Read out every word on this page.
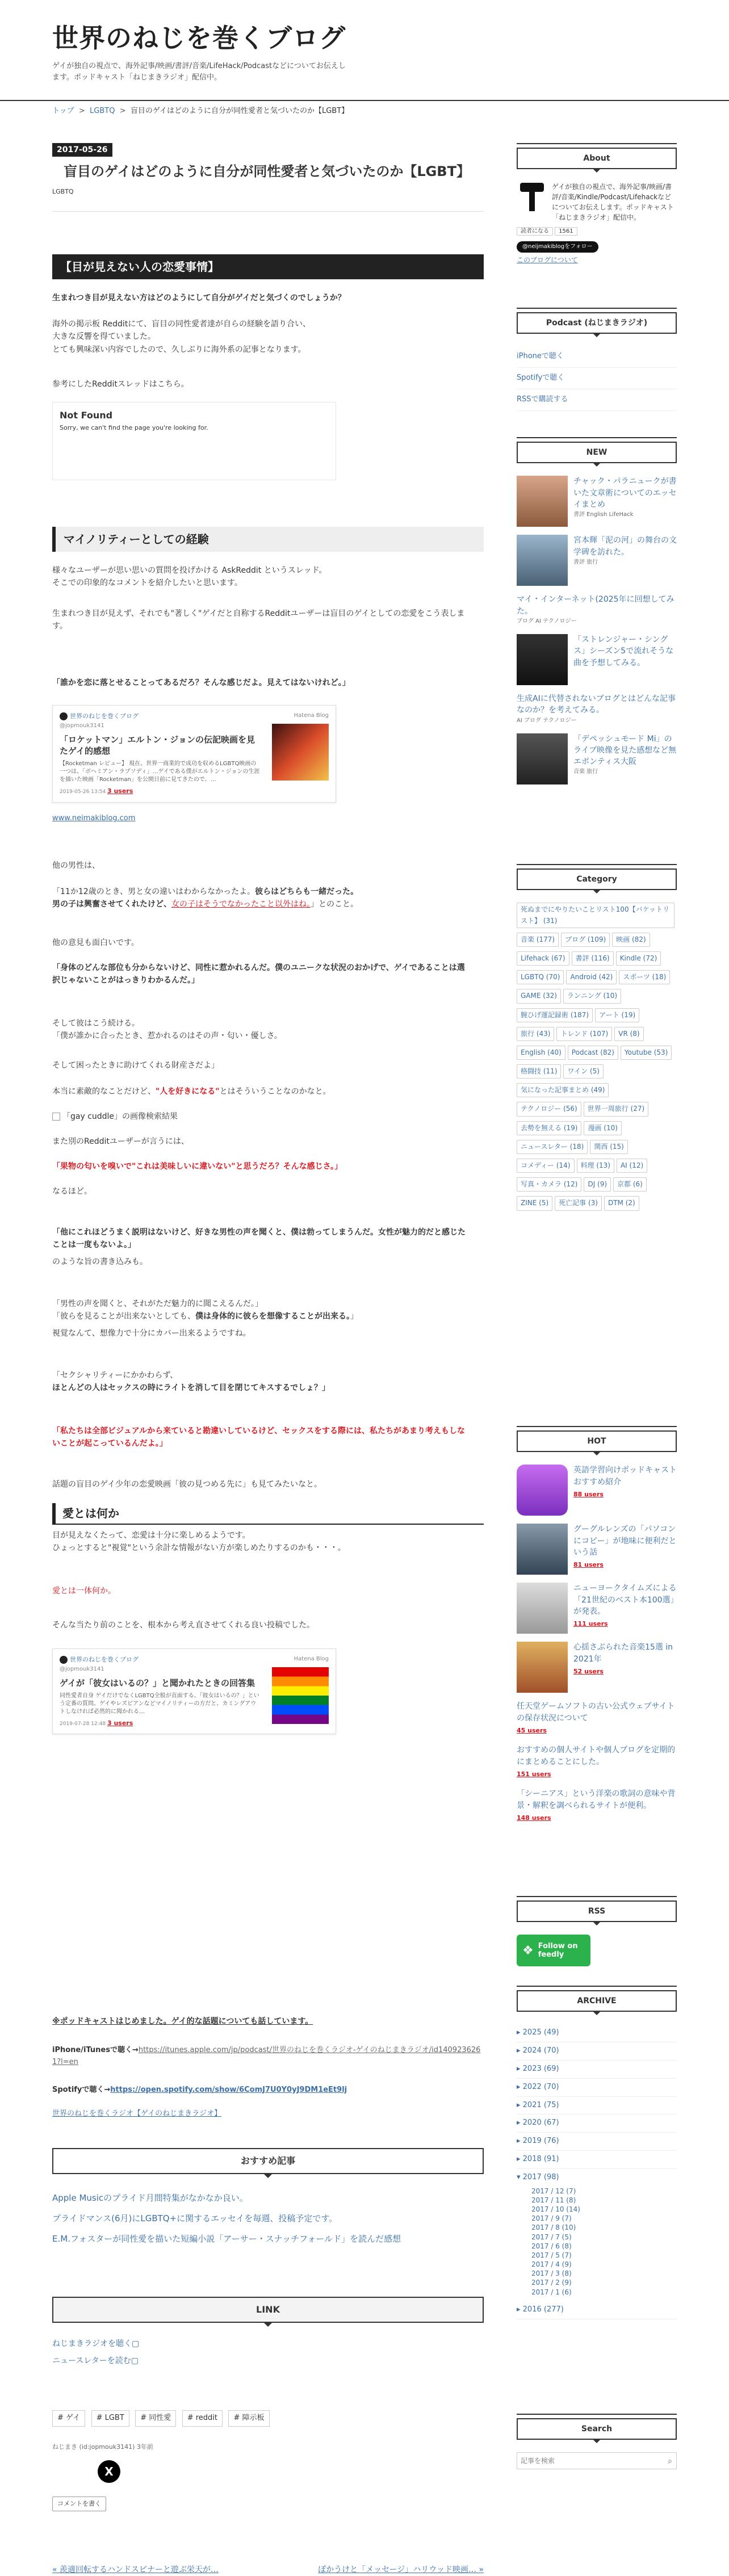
世界のねじを巻くブログ
ゲイが独自の視点で、海外記事/映画/書評/音楽/LifeHack/Podcastなどについてお伝えします。ポッドキャスト「ねじまきラジオ」配信中。
トップ  >  LGBTQ  >  盲目のゲイはどのように自分が同性愛者と気づいたのか【LGBT】
2017-05-26
盲目のゲイはどのように自分が同性愛者と気づいたのか【LGBT】
LGBTQ
【目が見えない人の恋愛事情】

生まれつき目が見えない方はどのようにして自分がゲイだと気づくのでしょうか？

海外の掲示板 Redditにて、盲目の同性愛者達が自らの経験を語り合い、
大きな反響を得ていました。
とても興味深い内容でしたので、久しぶりに海外系の記事となります。

参考にしたRedditスレッドはこちら。

Not Found
Sorry, we can't find the page you're looking for.
マイノリティーとしての経験
様々なユーザーが思い思いの質問を投げかける AskReddit というスレッド。
そこでの印象的なコメントを紹介したいと思います。

生まれつき目が見えず、それでも"著しく"ゲイだと自称するRedditユーザーは盲目のゲイとしての恋愛をこう表します。

「誰かを恋に落とせることってあるだろ？そんな感じだよ。見えてはないけれど。」

世界のねじを巻くブログ
@jopmouk3141
「ロケットマン」エルトン・ジョンの伝記映画を見たゲイ的感想
【Rocketman レビュー】 現在、世界一商業的で成功を収めるLGBTQ映画の一つは、「ボヘミアン・ラプソディ」...ゲイである僕がエルトン・ジョンの生涯を描いた映画「Rocketman」を公開日前に見てきたので、…
2019-05-26 13:54 3 users
Hatena Blog
www.neimakiblog.com

他の男性は、

「11か12歳のとき、男と女の違いはわからなかったよ。彼らはどちらも一緒だった。
男の子は興奮させてくれたけど、女の子はそうでなかったこと以外はね。」とのこと。

他の意見も面白いです。

「身体のどんな部位も分からないけど、同性に惹かれるんだ。僕のユニークな状況のおかげで、ゲイであることは選択じゃないことがはっきりわかるんだ。」

そして彼はこう続ける。
「僕が誰かに合ったとき、惹かれるのはその声・匂い・優しさ。

そして困ったときに助けてくれる財産さだよ」

本当に素敵的なことだけど、"人を好きになる"とはそういうことなのかなと。

「gay cuddle」の画像検索結果

また別のRedditユーザーが言うには、

「果物の匂いを嗅いで"これは美味しいに違いない"と思うだろ？そんな感じさ。」

なるほど。

「他にこれほどうまく説明はないけど、好きな男性の声を聞くと、僕は勃ってしまうんだ。女性が魅力的だと感じたことは一度もないよ。」

のような旨の書き込みも。

「男性の声を聞くと、それがただ魅力的に聞こえるんだ。」
「彼らを見ることが出来ないとしても、僕は身体的に彼らを想像することが出来る。」

視覚なんて、想像力で十分にカバー出来るようですね。

「セクシャリティーにかかわらず、
ほとんどの人はセックスの時にライトを消して目を閉じてキスするでしょ？」

「私たちは全部ビジュアルから来ていると勘違いしているけど、セックスをする際には、私たちがあまり考えもしないことが起こっているんだよ。」

話題の盲目のゲイ少年の恋愛映画「彼の見つめる先に」も見てみたいなと。

愛とは何か
目が見えなくたって、恋愛は十分に楽しめるようです。
ひょっとすると"視覚"という余計な情報がない方が楽しめたりするのかも・・・。

愛とは一体何か。

そんな当たり前のことを、根本から考え直させてくれる良い投稿でした。

世界のねじを巻くブログ
@jopmouk3141
ゲイが「彼女はいるの？」と聞かれたときの回答集
同性愛者自身 ゲイだけでなくLGBTQ全般が直面する、「彼女はいるの？」という定番の質問。ゲイやレズビアンなどマイノリティーの方だと、カミングアウトしなければ必然的に聞かれる…
2019-07-28 12:48 3 users
Hatena Blog

※ポッドキャストはじめました。ゲイ的な話題についても話しています。

iPhone/iTunesで聴く→https://itunes.apple.com/jp/podcast/世界のねじを巻くラジオ-ゲイのねじまきラジオ/id1409236261?l=en

Spotifyで聴く→https://open.spotify.com/show/6ComJ7U0Y0yJ9DM1eEt9lj

世界のねじを巻くラジオ【ゲイのねじまきラジオ】
おすすめ記事
Apple Musicのプライド月間特集がなかなか良い。
プライドマンス(6月)にLGBTQ+に関するエッセイを毎週、投稿予定です。
E.M.フォスターが同性愛を描いた短編小説「アーサー・スナッチフォールド」を読んだ感想
LINK
ねじまきラジオを聴く▢
ニュースレターを読む▢
# ゲイ # LGBT # 同性愛 # reddit # 障示板
ねじまき (id:jopmouk3141) 3年前
X
コメントを書く
« 羨適回転するハンドスピナーと遊ぶ栄天が…	ぽかうけと「メッセージ」ハリウッド映画… »
About
ゲイが独自の視点で、海外記事/映画/書評/音楽/Kindle/Podcast/Lifehackなどについてお伝えします。ポッドキャスト「ねじまきラジオ」配信中。
読者になる 1561
@neijmakiblogをフォロー
このブログについて
Podcast (ねじまきラジオ)
iPhoneで聴く
Spotifyで聴く
RSSで購読する
NEW
チャック・パラニュークが書いた文章術についてのエッセイまとめ
書評 English LifeHack
宮本輝「泥の河」の舞台の文学碑を訪れた。
書評 旅行
マイ・インターネット(2025年に回想してみた。
ブログ AI テクノロジー
「ストレンジャー・シングス」シーズン5で流れそうな曲を予想してみる。
生成AIに代替されないブログとはどんな記事なのか？を考えてみる。
AI ブログ テクノロジー
「デペッシュモード Mi」のライブ映像を見た感想など無エボンティス大阪
音楽 旅行
Category
死ぬまでにやりたいことリスト100【バケットリスト】 (31)音楽 (177) ブログ (109) 映画 (82)Lifehack (67) 書評 (116) Kindle (72)LGBTQ (70) Android (42) スポーツ (18)GAME (32) ランニング (10)腕ひげ運記録術 (187) アート (19)旅行 (43) トレンド (107) VR (8)English (40) Podcast (82) Youtube (53)格闘技 (11) ワイン (5)気になった記事まとめ (49)テクノロジー (56) 世界一周旅行 (27)去勢を無える (19) 漫画 (10)ニュースレター (18) 関西 (15)コメディー (14) 料理 (13) AI (12)写真・カメラ (12) DJ (9) 京都 (6)ZINE (5) 死亡記事 (3) DTM (2)
HOT
英語学習向けポッドキャストおすすめ紹介
88 users
グーグルレンズの「パソコンにコピー」が地味に便利だという話
81 users
ニューヨークタイムズによる「21世紀のベスト本100選」が発表。
111 users
心揺さぶられた音楽15選 in 2021年
52 users
任天堂ゲームソフトの古い公式ウェブサイトの保存状況について
45 users
おすすめの個人サイトや個人ブログを定期的にまとめることにした。
151 users
「シーニアス」という洋楽の歌詞の意味や背景・解釈を調べられるサイトが便利。
148 users
RSS
❖ Follow on feedly
ARCHIVE
▸ 2025 (49)
▸ 2024 (70)
▸ 2023 (69)
▸ 2022 (70)
▸ 2021 (75)
▸ 2020 (67)
▸ 2019 (76)
▸ 2018 (91)
▾ 2017 (98)
2017 / 12 (7)
2017 / 11 (8)
2017 / 10 (14)
2017 / 9 (7)
2017 / 8 (10)
2017 / 7 (5)
2017 / 6 (8)
2017 / 5 (7)
2017 / 4 (9)
2017 / 3 (8)
2017 / 2 (9)
2017 / 1 (6)
▸ 2016 (277)
Search
記事を検索
⌕
